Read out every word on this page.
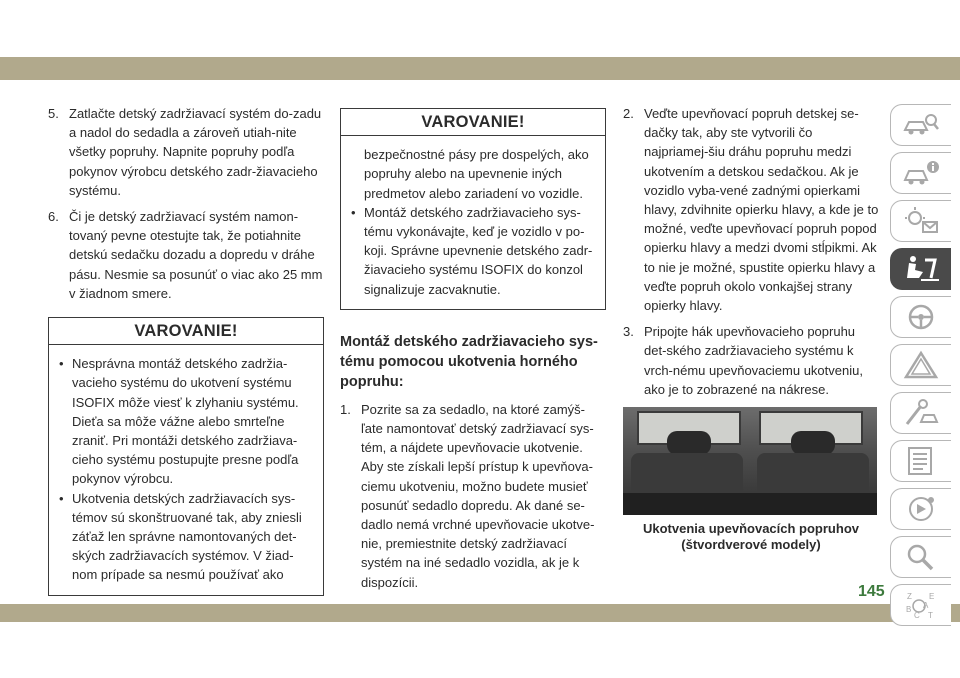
5. Zatlačte detský zadržiavací systém do-zadu a nadol do sedadla a zároveň utiah-nite všetky popruhy. Napnite popruhy podľa pokynov výrobcu detského zadr-žiavacieho systému.
6. Či je detský zadržiavací systém namon-tovaný pevne otestujte tak, že potiahnite detskú sedačku dozadu a dopredu v dráhe pásu. Nesmie sa posunúť o viac ako 25 mm v žiadnom smere.
VAROVANIE!
• Nesprávna montáž detského zadržia-vacieho systému do ukotvení systému ISOFIX môže viesť k zlyhaniu systému. Dieťa sa môže vážne alebo smrteľne zraniť. Pri montáži detského zadržiava-cieho systému postupujte presne podľa pokynov výrobcu.
• Ukotvenia detských zadržiavacích sys-témov sú skonštruované tak, aby zniesli záťaž len správne namontovaných det-ských zadržiavacích systémov. V žiad-nom prípade sa nesmú používať ako
VAROVANIE!
bezpečnostné pásy pre dospelých, ako popruhy alebo na upevnenie iných predmetov alebo zariadení vo vozidle.
• Montáž detského zadržiavacieho sys-tému vykonávajte, keď je vozidlo v po-koji. Správne upevnenie detského zadr-žiavacieho systému ISOFIX do konzol signalizuje zacvaknutie.
Montáž detského zadržiavacieho sys-tému pomocou ukotvenia horného popruhu:
1. Pozrite sa za sedadlo, na ktoré zamýš-ľate namontovať detský zadržiavací sys-tém, a nájdete upevňovacie ukotvenie. Aby ste získali lepší prístup k upevňova-ciemu ukotveniu, možno budete musieť posunúť sedadlo dopredu. Ak dané se-dadlo nemá vrchné upevňovacie ukotve-nie, premiestnite detský zadržiavací systém na iné sedadlo vozidla, ak je k dispozícii.
2. Veďte upevňovací popruh detskej se-dačky tak, aby ste vytvorili čo najpriamej-šiu dráhu popruhu medzi ukotvením a detskou sedačkou. Ak je vozidlo vyba-vené zadnými opierkami hlavy, zdvihnite opierku hlavy, a kde je to možné, veďte upevňovací popruh popod opierku hlavy a medzi dvomi stĺpikmi. Ak to nie je možné, spustite opierku hlavy a veďte popruh okolo vonkajšej strany opierky hlavy.
3. Pripojte hák upevňovacieho popruhu det-ského zadržiavacieho systému k vrch-nému upevňovaciemu ukotveniu, ako je to zobrazené na nákrese.
Ukotvenia upevňovacích popruhov (štvordverové modely)
Z E
A
B
C T
145
